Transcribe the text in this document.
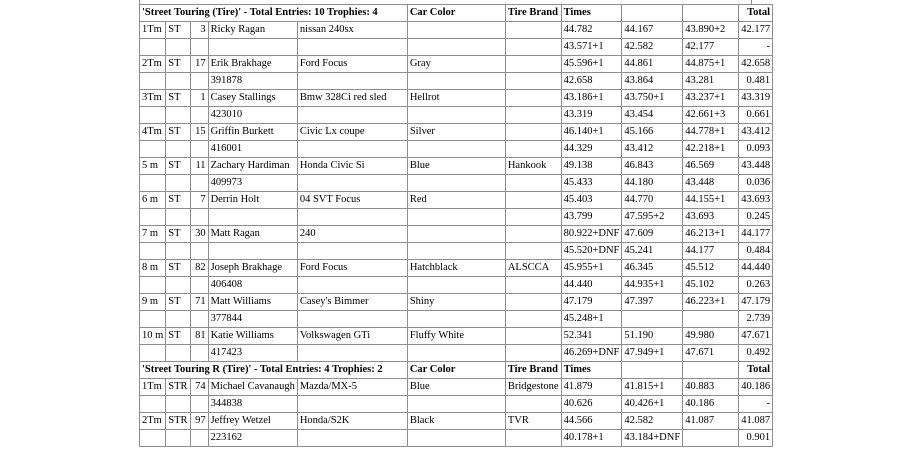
'Street Touring (Tire)' - Total Entries: 10 Trophies: 4					Car Color	Tire Brand	Times			Total
1Tm	ST	3	Ricky Ragan	nissan 240sx			44.782	44.167	43.890+2	42.177
							43.571+1	42.582	42.177	-
2Tm	ST	17	Erik Brakhage	Ford Focus	Gray		45.596+1	44.861	44.875+1	42.658
			391878				42.658	43.864	43.281	0.481
3Tm	ST	1	Casey Stallings	Bmw 328Ci red sled	Hellrot		43.186+1	43.750+1	43.237+1	43.319
			423010				43.319	43.454	42.661+3	0.661
4Tm	ST	15	Griffin Burkett	Civic Lx coupe	Silver		46.140+1	45.166	44.778+1	43.412
			416001				44.329	43.412	42.218+1	0.093
5 m	ST	11	Zachary Hardiman	Honda Civic Si	Blue	Hankook	49.138	46.843	46.569	43.448
			409973				45.433	44.180	43.448	0.036
6 m	ST	7	Derrin Holt	04 SVT Focus	Red		45.403	44.770	44.155+1	43.693
							43.799	47.595+2	43.693	0.245
7 m	ST	30	Matt Ragan	240			80.922+DNF	47.609	46.213+1	44.177
							45.520+DNF	45.241	44.177	0.484
8 m	ST	82	Joseph Brakhage	Ford Focus	Hatchblack	ALSCCA	45.955+1	46.345	45.512	44.440
			406408				44.440	44.935+1	45.102	0.263
9 m	ST	71	Matt Williams	Casey's Bimmer	Shiny		47.179	47.397	46.223+1	47.179
			377844				45.248+1			2.739
10 m	ST	81	Katie Williams	Volkswagen GTi	Fluffy White		52.341	51.190	49.980	47.671
			417423				46.269+DNF	47.949+1	47.671	0.492
'Street Touring R (Tire)' - Total Entries: 4 Trophies: 2					Car Color	Tire Brand	Times			Total
1Tm	STR	74	Michael Cavanaugh	Mazda/MX-5	Blue	Bridgestone	41.879	41.815+1	40.883	40.186
			344838				40.626	40.426+1	40.186	-
2Tm	STR	97	Jeffrey Wetzel	Honda/S2K	Black	TVR	44.566	42.582	41.087	41.087
			223162				40.178+1	43.184+DNF		0.901
